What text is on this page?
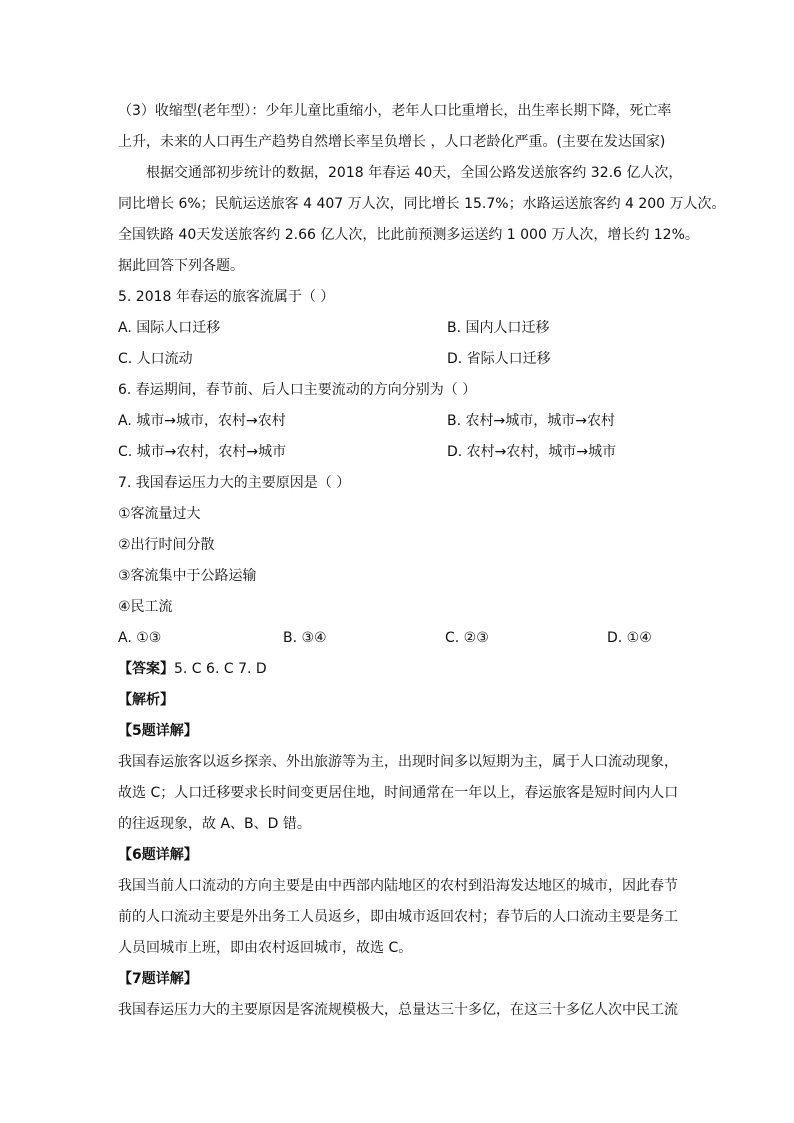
（3）收缩型(老年型）：少年儿童比重缩小，老年人口比重增长，出生率长期下降，死亡率
上升，未来的人口再生产趋势自然增长率呈负增长 ，人口老龄化严重。(主要在发达国家)
根据交通部初步统计的数据，2018 年春运 40天，全国公路发送旅客约 32.6 亿人次，
同比增长 6%；民航运送旅客 4 407 万人次，同比增长 15.7%；水路运送旅客约 4 200 万人次。
全国铁路 40天发送旅客约 2.66 亿人次，比此前预测多运送约 1 000 万人次，增长约 12%。
据此回答下列各题。
5. 2018 年春运的旅客流属于（ ）
A. 国际人口迁移	B. 国内人口迁移
C. 人口流动	D. 省际人口迁移
6. 春运期间，春节前、后人口主要流动的方向分别为（ ）
A. 城市→城市，农村→农村	B. 农村→城市，城市→农村
C. 城市→农村，农村→城市	D. 农村→农村，城市→城市
7. 我国春运压力大的主要原因是（ ）
①客流量过大
②出行时间分散
③客流集中于公路运输
④民工流
A. ①③	B. ③④	C. ②③	D. ①④
【答案】5. C 6. C 7. D
【解析】
【5题详解】
我国春运旅客以返乡探亲、外出旅游等为主，出现时间多以短期为主，属于人口流动现象，
故选 C；人口迁移要求长时间变更居住地，时间通常在一年以上，春运旅客是短时间内人口
的往返现象，故 A、B、D 错。
【6题详解】
我国当前人口流动的方向主要是由中西部内陆地区的农村到沿海发达地区的城市，因此春节
前的人口流动主要是外出务工人员返乡，即由城市返回农村；春节后的人口流动主要是务工
人员回城市上班，即由农村返回城市，故选 C。
【7题详解】
我国春运压力大的主要原因是客流规模极大，总量达三十多亿，在这三十多亿人次中民工流
